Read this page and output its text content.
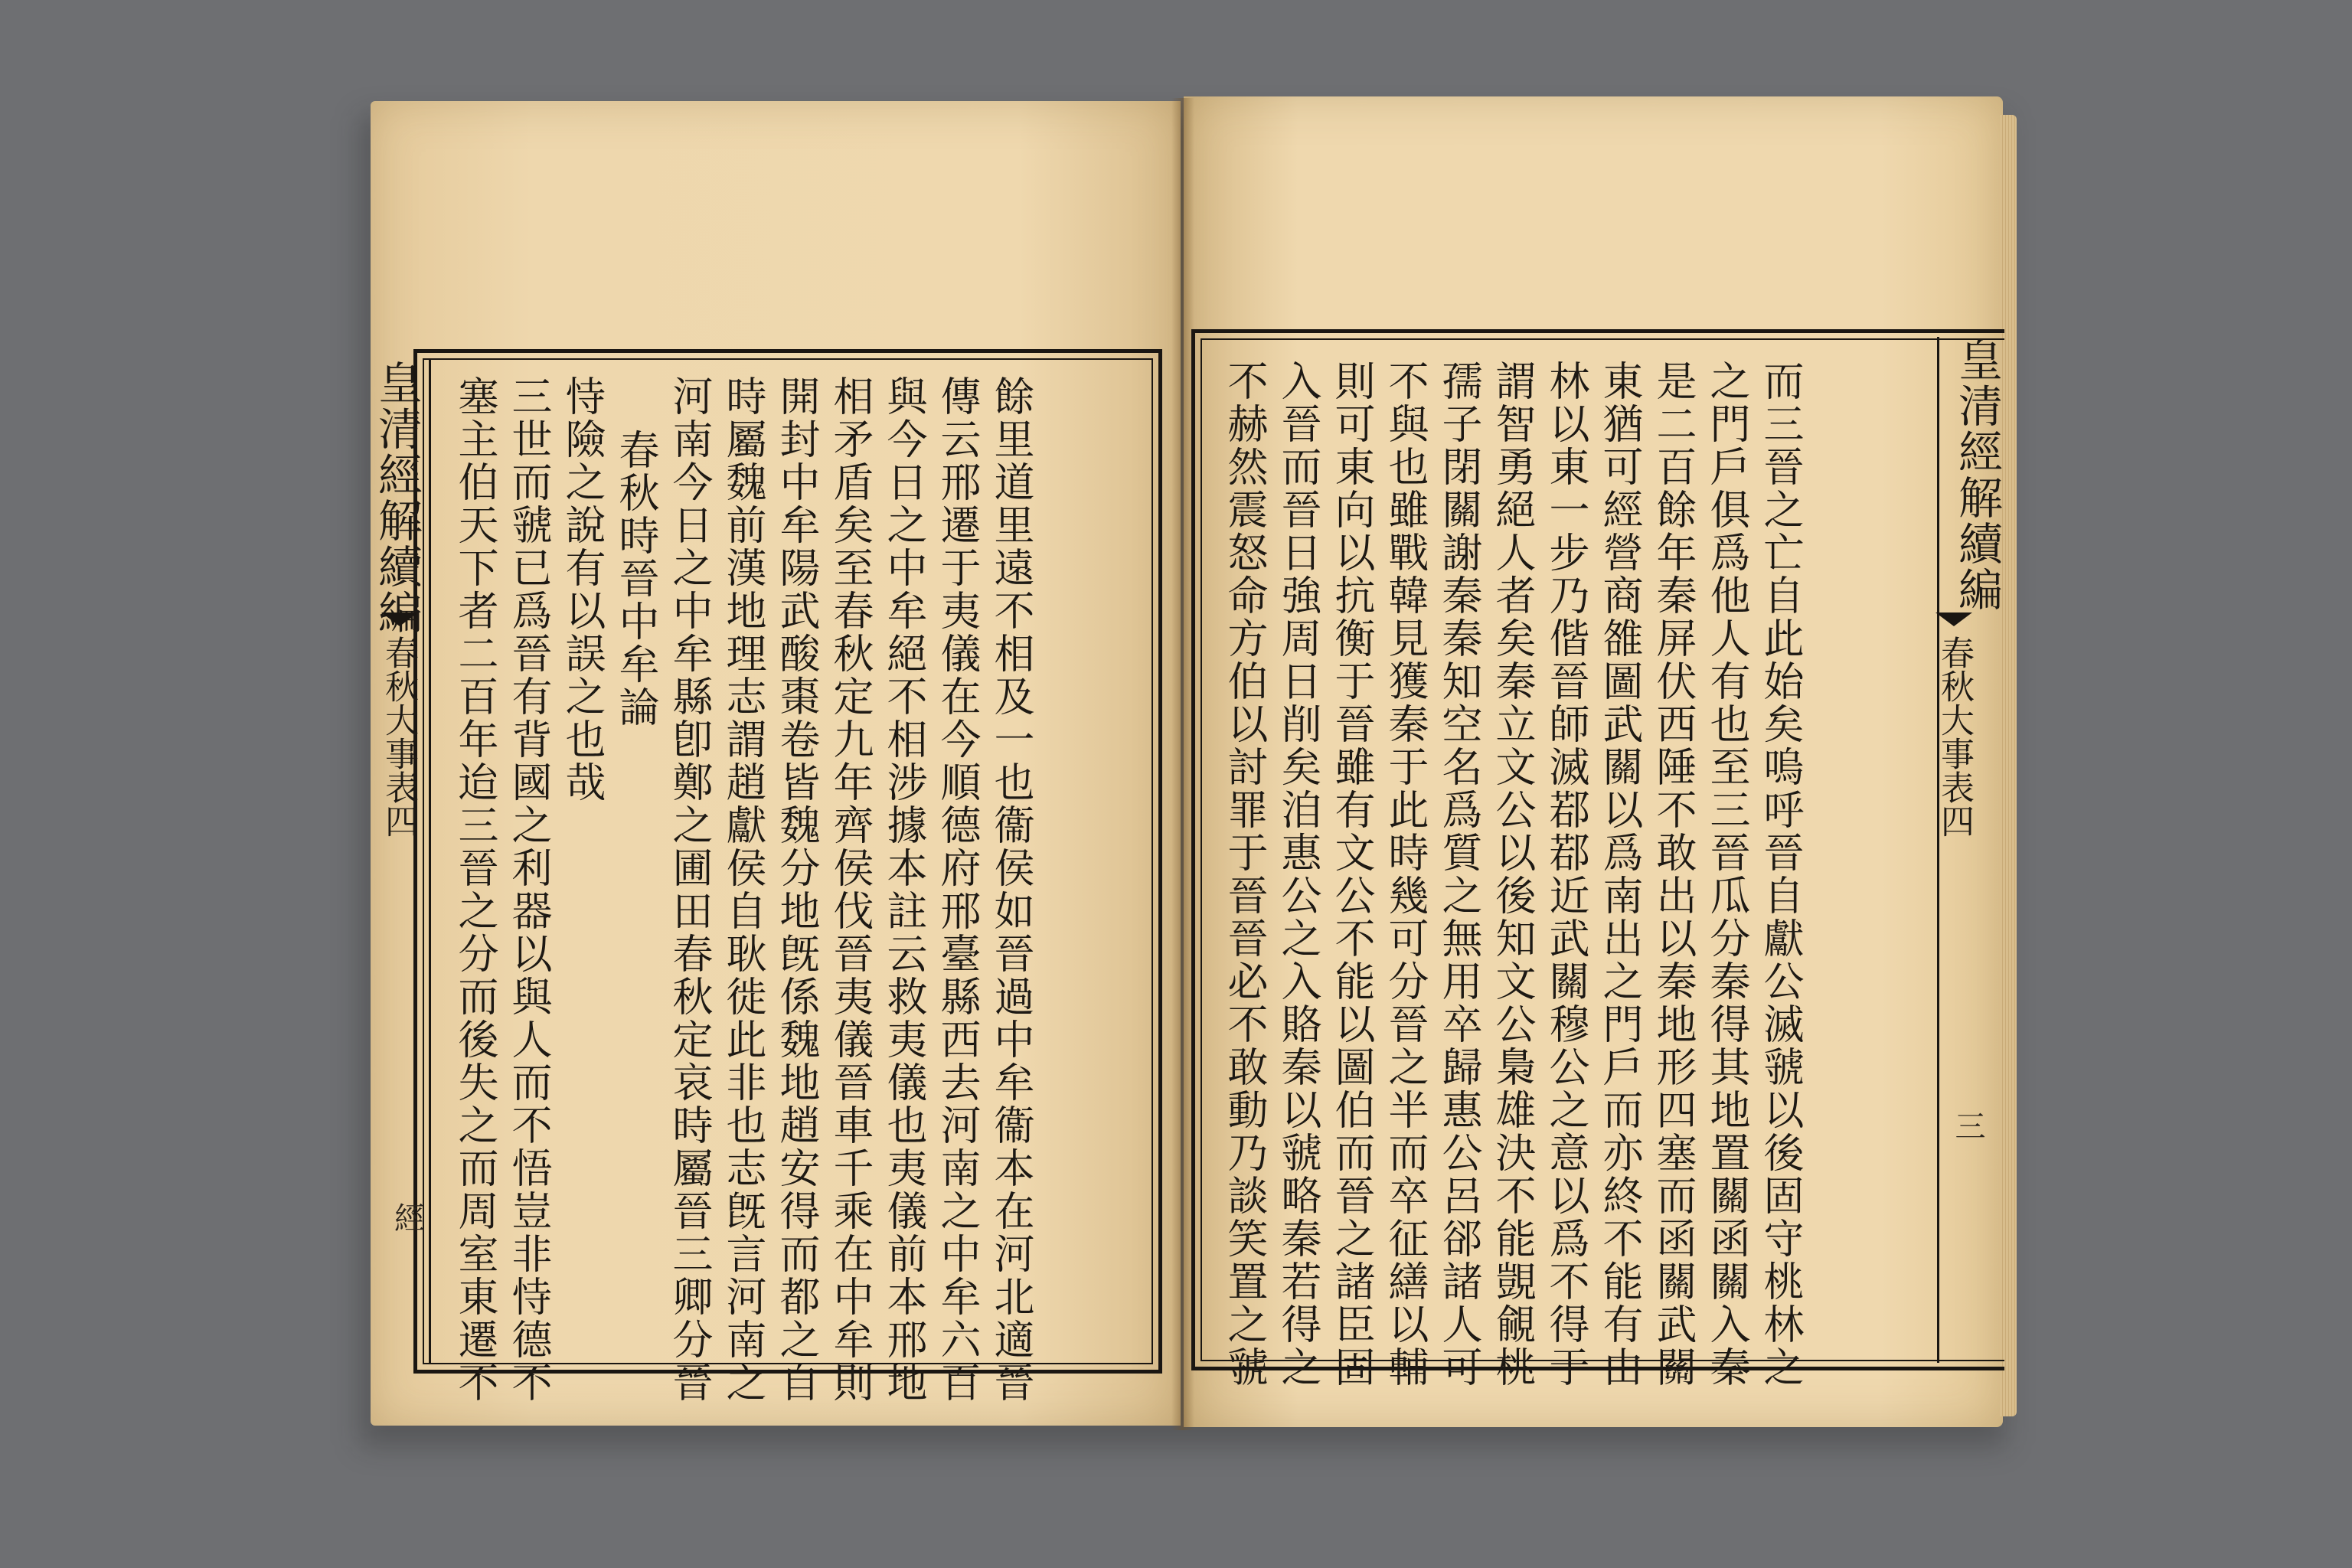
而三晉之亡自此始矣嗚呼晉自獻公滅虢以後固守桃林之
之門戶俱爲他人有也至三晉瓜分秦得其地置關函關入秦
是二百餘年秦屏伏西陲不敢出以秦地形四塞而函關武關
東猶可經營商雒圖武關以爲南出之門戶而亦終不能有由
林以東一步乃偕晉師滅鄀鄀近武關穆公之意以爲不得于
謂智勇絕人者矣秦立文公以後知文公梟雄決不能覬覦桃
孺子閉關謝秦秦知空名爲質之無用卒歸惠公呂郤諸人可
不與也雖戰韓見獲秦于此時幾可分晉之半而卒征繕以輔
則可東向以抗衡于晉雖有文公不能以圖伯而晉之諸臣固
入晉而晉日強周日削矣洎惠公之入賂秦以虢略秦若得之
不赫然震怒命方伯以討罪于晉晉必不敢動乃談笑置之虢	皇清經解續編
春秋大事表四
三
餘里道里遠不相及一也衞侯如晉過中牟衞本在河北適晉
傳云邢遷于夷儀在今順德府邢臺縣西去河南之中牟六百
與今日之中牟絕不相涉據本註云救夷儀也夷儀前本邢地
相矛盾矣至春秋定九年齊侯伐晉夷儀晉車千乘在中牟則
開封中牟陽武酸棗卷皆魏分地旣係魏地趙安得而都之自
時屬魏前漢地理志謂趙獻侯自耿徙此非也志旣言河南之
河南今日之中牟縣卽鄭之圃田春秋定哀時屬晉三卿分晉
春秋時晉中牟論
恃險之說有以誤之也哉
三世而虢已爲晉有背國之利器以與人而不悟豈非恃德不
塞主伯天下者二百年迨三晉之分而後失之而周室東遷不
皇清經解續編
春秋大事表四
經
